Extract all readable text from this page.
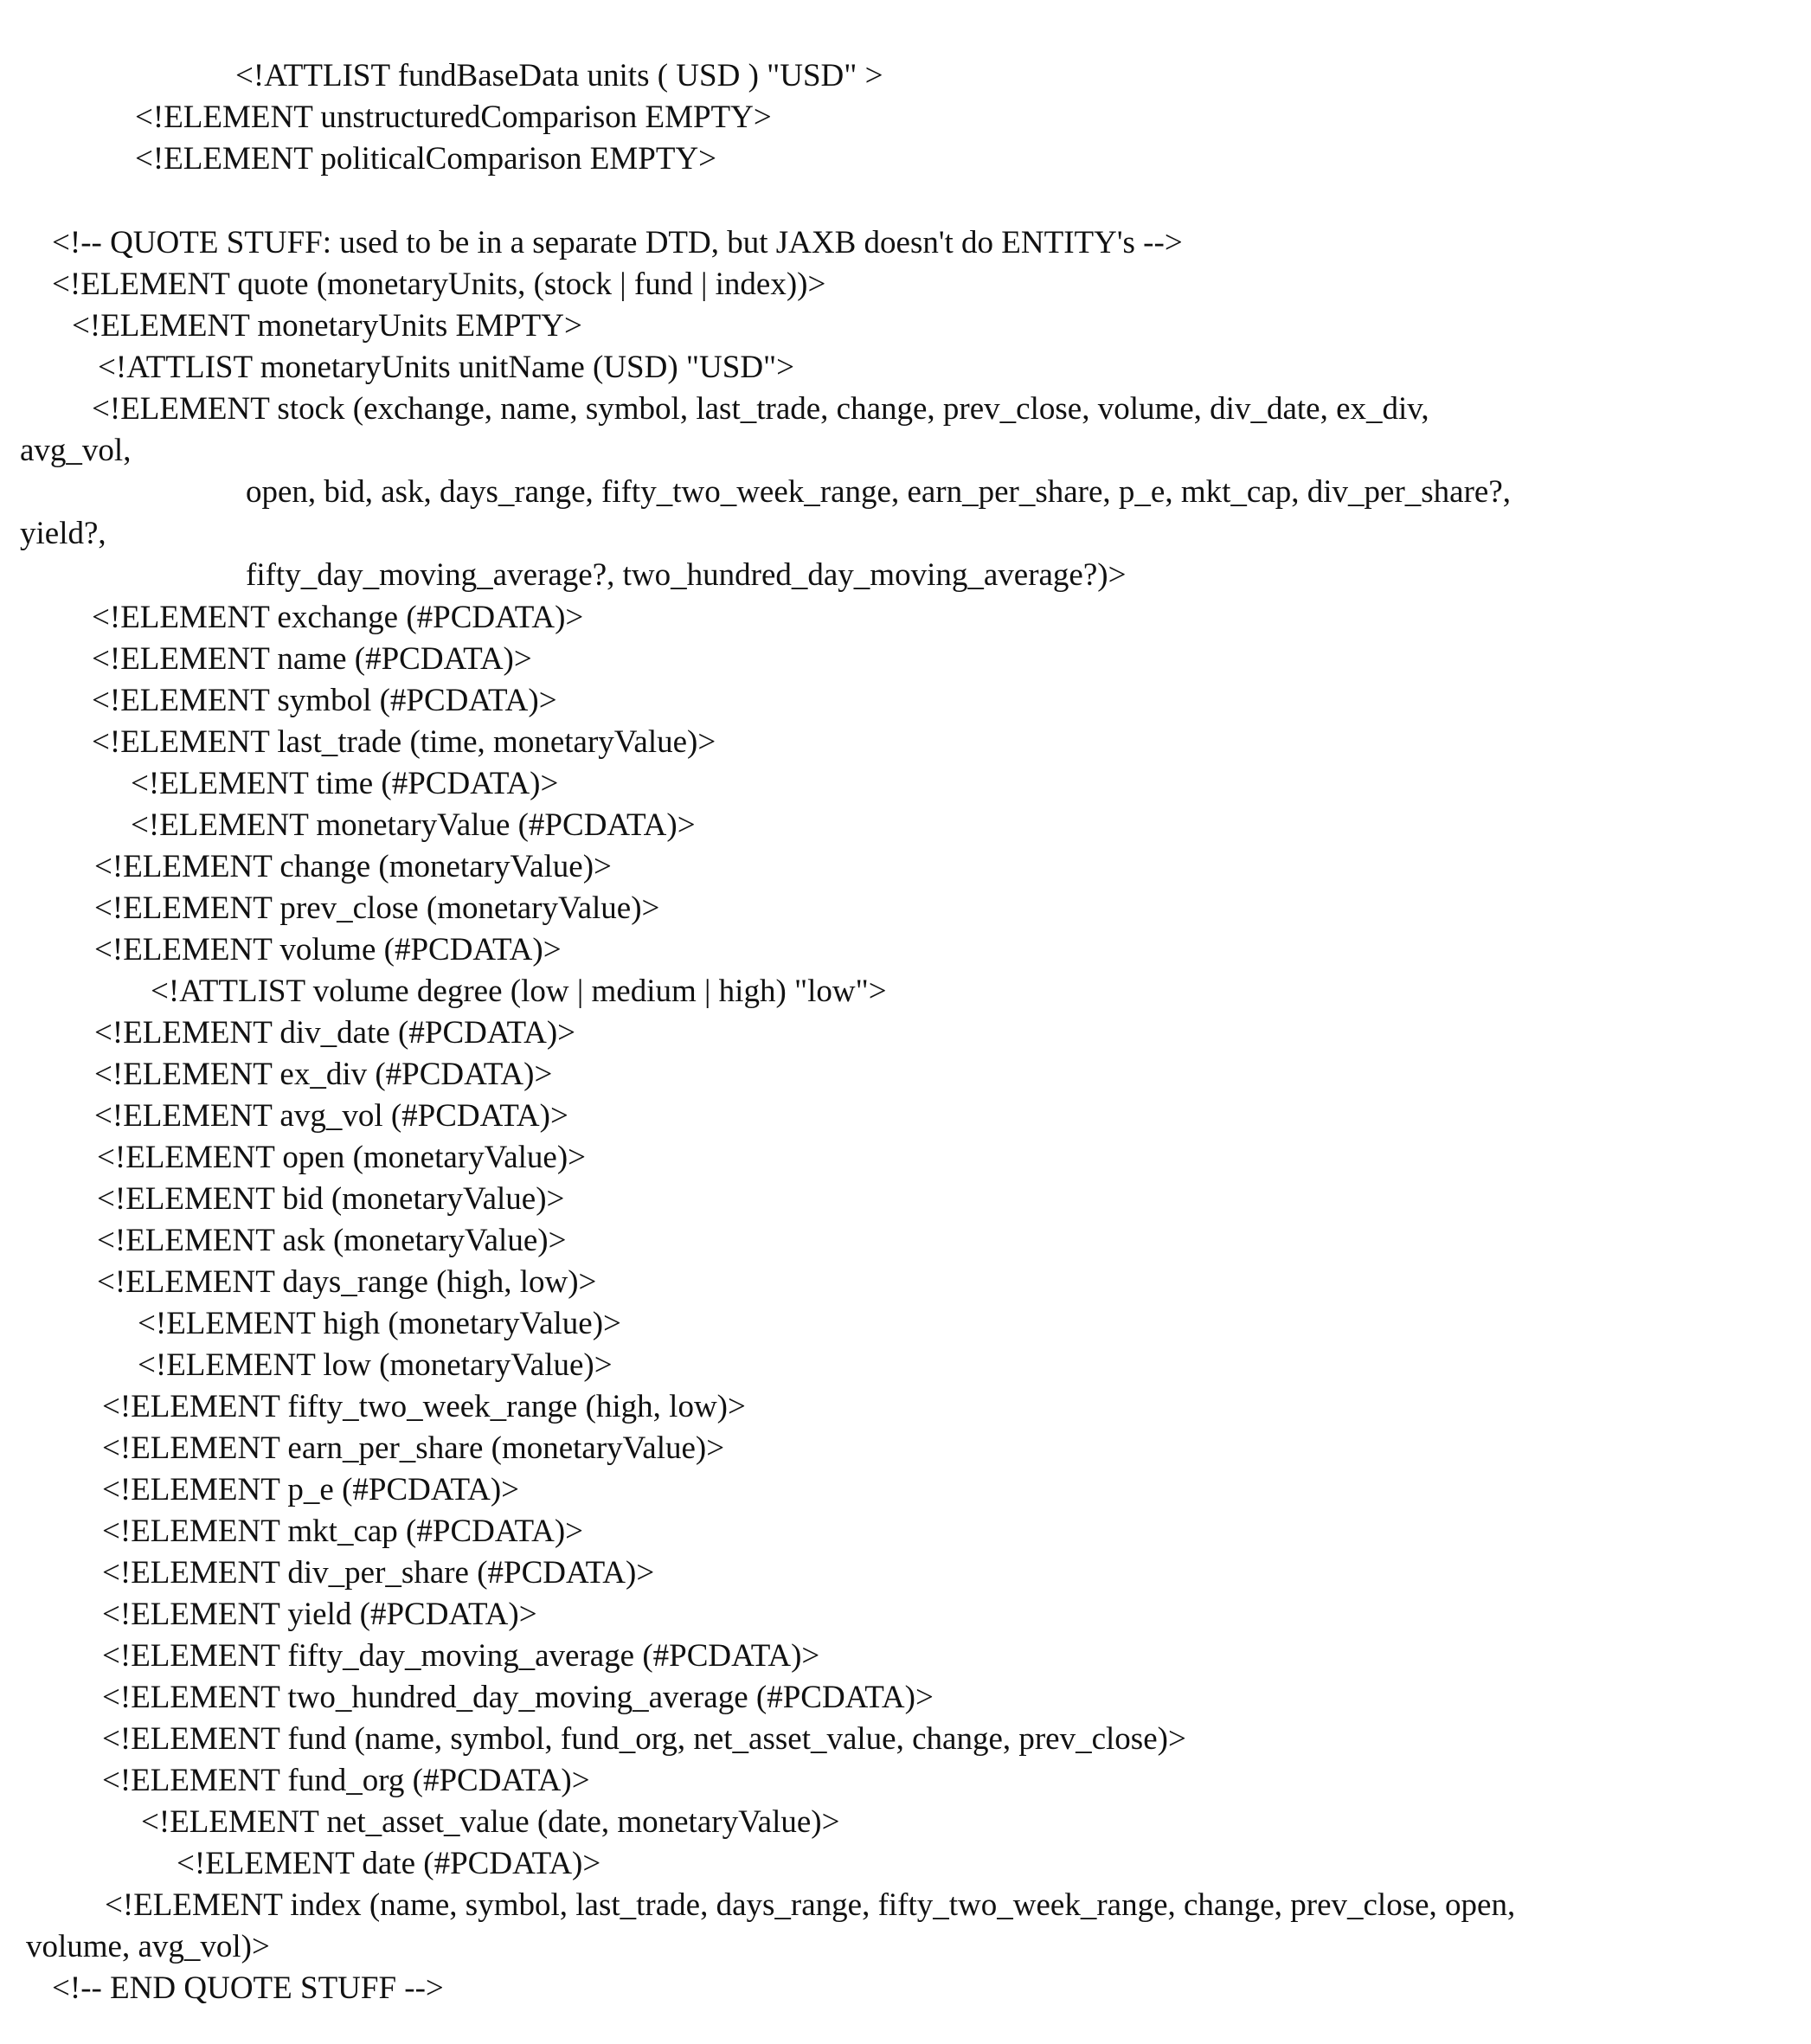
<!ATTLIST fundBaseData units ( USD ) "USD" >
<!ELEMENT unstructuredComparison EMPTY>
<!ELEMENT politicalComparison EMPTY>
<!-- QUOTE STUFF: used to be in a separate DTD, but JAXB doesn't do ENTITY's -->
<!ELEMENT quote (monetaryUnits, (stock | fund | index))>
<!ELEMENT monetaryUnits EMPTY>
<!ATTLIST monetaryUnits unitName (USD) "USD">
<!ELEMENT stock (exchange, name, symbol, last_trade, change, prev_close, volume, div_date, ex_div,
avg_vol,
open, bid, ask, days_range, fifty_two_week_range, earn_per_share, p_e, mkt_cap, div_per_share?,
yield?,
fifty_day_moving_average?, two_hundred_day_moving_average?)>
<!ELEMENT exchange (#PCDATA)>
<!ELEMENT name (#PCDATA)>
<!ELEMENT symbol (#PCDATA)>
<!ELEMENT last_trade (time, monetaryValue)>
<!ELEMENT time (#PCDATA)>
<!ELEMENT monetaryValue (#PCDATA)>
<!ELEMENT change (monetaryValue)>
<!ELEMENT prev_close (monetaryValue)>
<!ELEMENT volume (#PCDATA)>
<!ATTLIST volume degree (low | medium | high) "low">
<!ELEMENT div_date (#PCDATA)>
<!ELEMENT ex_div (#PCDATA)>
<!ELEMENT avg_vol (#PCDATA)>
<!ELEMENT open (monetaryValue)>
<!ELEMENT bid (monetaryValue)>
<!ELEMENT ask (monetaryValue)>
<!ELEMENT days_range (high, low)>
<!ELEMENT high (monetaryValue)>
<!ELEMENT low (monetaryValue)>
<!ELEMENT fifty_two_week_range (high, low)>
<!ELEMENT earn_per_share (monetaryValue)>
<!ELEMENT p_e (#PCDATA)>
<!ELEMENT mkt_cap (#PCDATA)>
<!ELEMENT div_per_share (#PCDATA)>
<!ELEMENT yield (#PCDATA)>
<!ELEMENT fifty_day_moving_average (#PCDATA)>
<!ELEMENT two_hundred_day_moving_average (#PCDATA)>
<!ELEMENT fund (name, symbol, fund_org, net_asset_value, change, prev_close)>
<!ELEMENT fund_org (#PCDATA)>
<!ELEMENT net_asset_value (date, monetaryValue)>
<!ELEMENT date (#PCDATA)>
<!ELEMENT index (name, symbol, last_trade, days_range, fifty_two_week_range, change, prev_close, open,
volume, avg_vol)>
<!-- END QUOTE STUFF -->
